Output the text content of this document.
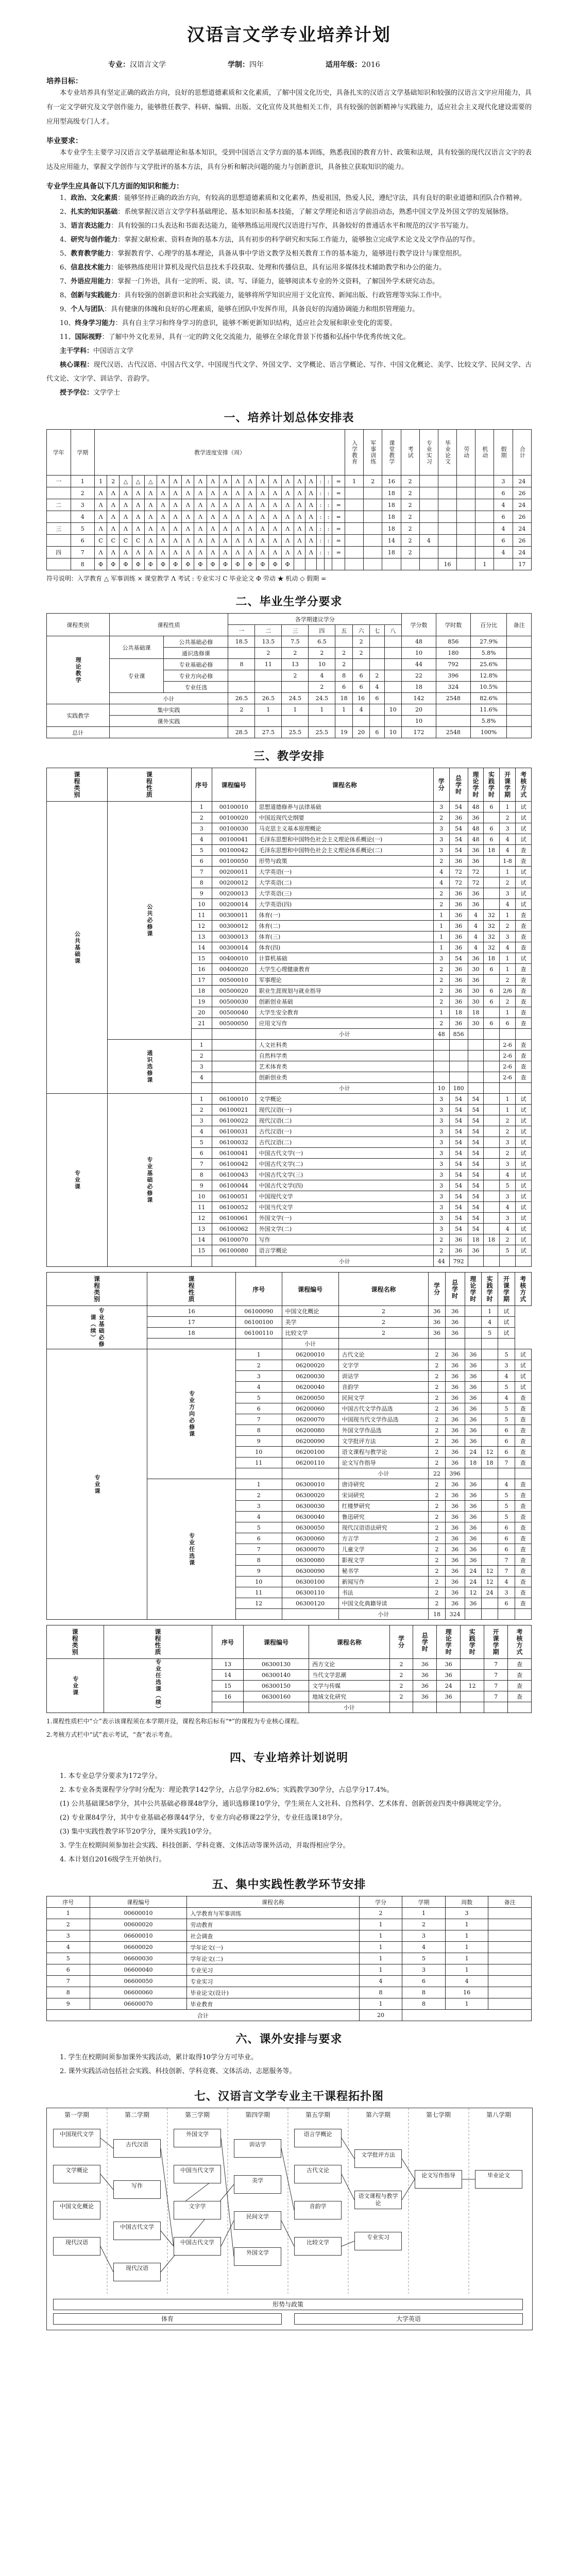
汉语言文学专业培养计划
专业：汉语言文学	学制：四年	适用年级：2016
培养目标：

本专业培养具有坚定正确的政治方向，良好的思想道德素质和文化素质，了解中国文化历史，具备扎实的汉语言文学基础知识和较强的汉语言文字应用能力，具有一定文学研究及文学创作能力，能够胜任教学、科研、编辑、出版、文化宣传及其他相关工作，具有较强的创新精神与实践能力，适应社会主义现代化建设需要的应用型高级专门人才。

毕业要求：

本专业学生主要学习汉语言文学基础理论和基本知识，受到中国语言文学方面的基本训练，熟悉我国的教育方针、政策和法规，具有较强的现代汉语言文字的表达及应用能力，掌握文学创作与文学批评的基本方法，具有分析和解决问题的能力与创新意识，具备独立获取知识的能力。

专业学生应具备以下几方面的知识和能力：

1、政治、文化素质：能够坚持正确的政治方向，有较高的思想道德素质和文化素养，热爱祖国，热爱人民，遵纪守法，具有良好的职业道德和团队合作精神。

2、扎实的知识基础：系统掌握汉语言文学学科基础理论、基本知识和基本技能，了解文学理论和语言学前沿动态，熟悉中国文学及外国文学的发展脉络。

3、语言表达能力：具有较强的口头表达和书面表达能力，能够熟练运用现代汉语进行写作，具备较好的普通话水平和规范的汉字书写能力。

4、研究与创作能力：掌握文献检索、资料查询的基本方法，具有初步的科学研究和实际工作能力，能够独立完成学术论文及文学作品的写作。

5、教育教学能力：掌握教育学、心理学的基本理论，具备从事中学语文教学及相关教育工作的基本能力，能够进行教学设计与课堂组织。

6、信息技术能力：能够熟练使用计算机及现代信息技术手段获取、处理和传播信息，具有运用多媒体技术辅助教学和办公的能力。

7、外语应用能力：掌握一门外语，具有一定的听、说、读、写、译能力，能够阅读本专业的外文资料，了解国外学术研究动态。

8、创新与实践能力：具有较强的创新意识和社会实践能力，能够将所学知识应用于文化宣传、新闻出版、行政管理等实际工作中。

9、个人与团队：具有健康的体魄和良好的心理素质，能够在团队中发挥作用，具备良好的沟通协调能力和组织管理能力。

10、终身学习能力：具有自主学习和终身学习的意识，能够不断更新知识结构，适应社会发展和职业变化的需要。

11、国际视野：了解中外文化差异，具有一定的跨文化交流能力，能够在全球化背景下传播和弘扬中华优秀传统文化。

主干学科：中国语言文学

核心课程：现代汉语、古代汉语、中国古代文学、中国现当代文学、外国文学、文学概论、语言学概论、写作、中国文化概论、美学、比较文学、民间文学、古代文论、文字学、训诂学、音韵学。

授予学位：文学学士

一、培养计划总体安排表
学年	学期	教学进度安排（周）																					入学教育	军事训练	课堂教学	考试	专业实习	毕业论文	劳动	机动	假期	合计
一	1	1	2	△	△	△	Λ	Λ	Λ	Λ	Λ	Λ	Λ	Λ	Λ	Λ	Λ	Λ	Λ	:	:	=	1	2	16	2					3	24
	2	Λ	Λ	Λ	Λ	Λ	Λ	Λ	Λ	Λ	Λ	Λ	Λ	Λ	Λ	Λ	Λ	Λ	Λ	:	:	=			18	2					6	26
二	3	Λ	Λ	Λ	Λ	Λ	Λ	Λ	Λ	Λ	Λ	Λ	Λ	Λ	Λ	Λ	Λ	Λ	Λ	:	:	=			18	2					4	24
	4	Λ	Λ	Λ	Λ	Λ	Λ	Λ	Λ	Λ	Λ	Λ	Λ	Λ	Λ	Λ	Λ	Λ	Λ	:	:	=			18	2					6	26
三	5	Λ	Λ	Λ	Λ	Λ	Λ	Λ	Λ	Λ	Λ	Λ	Λ	Λ	Λ	Λ	Λ	Λ	Λ	:	:	=			18	2					4	24
	6	C	C	C	C	Λ	Λ	Λ	Λ	Λ	Λ	Λ	Λ	Λ	Λ	Λ	Λ	Λ	Λ	:	:	=			14	2	4				6	26
四	7	Λ	Λ	Λ	Λ	Λ	Λ	Λ	Λ	Λ	Λ	Λ	Λ	Λ	Λ	Λ	Λ	Λ	Λ	:	:	=			18	2					4	24
	8	Φ	Φ	Φ	Φ	Φ	Φ	Φ	Φ	Φ	Φ	Φ	Φ	Φ	Φ	Φ	Φ											16		1		17
符号说明：入学教育 △ 军事训练 × 课堂教学 Λ 考试 : 专业实习 C 毕业论文 Φ 劳动 ★ 机动 ◇ 假期 =
二、毕业生学分要求
课程类别	课程性质		各学期建议学分								学分数	学时数	百分比	备注
			一	二	三	四	五	六	七	八				
理论教学	公共基础课	公共基础必修	18.5	13.5	7.5	6.5		2			48	856	27.9%	
		通识选修课		2	2	2	2	2			10	180	5.8%	
	专业课	专业基础必修	8	11	13	10	2				44	792	25.6%	
		专业方向必修			2	4	8	6	2		22	396	12.8%	
		专业任选				2	6	6	4		18	324	10.5%	
	小计		26.5	26.5	24.5	24.5	18	16	6		142	2548	82.6%	
实践教学	集中实践		2	1	1	1	1	4		10	20		11.6%	
	课外实践										10		5.8%	
总计			28.5	27.5	25.5	25.5	19	20	6	10	172	2548	100%	
三、教学安排
课程类别	课程性质	序号	课程编号	课程名称	学分	总学时	理论学时	实践学时	开课学期	考核方式
公共基础课	公共必修课	1	00100010	思想道德修养与法律基础	3	54	48	6	1	试
		2	00100020	中国近现代史纲要	2	36	36		2	试
		3	00100030	马克思主义基本原理概论	3	54	48	6	3	试
		4	00100041	毛泽东思想和中国特色社会主义理论体系概论(一)	3	54	48	6	4	试
		5	00100042	毛泽东思想和中国特色社会主义理论体系概论(二)	3	54	36	18	4	查
		6	00100050	形势与政策	2	36	36		1-8	查
		7	00200011	大学英语(一)	4	72	72		1	试
		8	00200012	大学英语(二)	4	72	72		2	试
		9	00200013	大学英语(三)	2	36	36		3	试
		10	00200014	大学英语(四)	2	36	36		4	试
		11	00300011	体育(一)	1	36	4	32	1	查
		12	00300012	体育(二)	1	36	4	32	2	查
		13	00300013	体育(三)	1	36	4	32	3	查
		14	00300014	体育(四)	1	36	4	32	4	查
		15	00400010	计算机基础	3	54	36	18	1	试
		16	00400020	大学生心理健康教育	2	36	30	6	1	查
		17	00500010	军事理论	2	36	36		2	查
		18	00500020	职业生涯规划与就业指导	2	36	30	6	2/6	查
		19	00500030	创新创业基础	2	36	30	6	2	查
		20	00500040	大学生安全教育	1	18	18		1	查
		21	00500050	应用文写作	2	36	30	6	6	查
				小计	48	856				
	通识选修课	1		人文社科类					2-6	查
		2		自然科学类					2-6	查
		3		艺术体育类					2-6	查
		4		创新创业类					2-6	查
				小计	10	180				
专业课	专业基础必修课	1	06100010	文学概论	3	54	54		1	试
		2	06100021	现代汉语(一)	3	54	54		1	试
		3	06100022	现代汉语(二)	3	54	54		2	试
		4	06100031	古代汉语(一)	3	54	54		2	试
		5	06100032	古代汉语(二)	3	54	54		3	试
		6	06100041	中国古代文学(一)	3	54	54		2	试
		7	06100042	中国古代文学(二)	3	54	54		3	试
		8	06100043	中国古代文学(三)	3	54	54		4	试
		9	06100044	中国古代文学(四)	3	54	54		5	试
		10	06100051	中国现代文学	3	54	54		3	试
		11	06100052	中国当代文学	3	54	54		4	试
		12	06100061	外国文学(一)	3	54	54		3	试
		13	06100062	外国文学(二)	3	54	54		4	试
		14	06100070	写作	2	36	18	18	2	试
		15	06100080	语言学概论	2	36	36		5	试
				小计	44	792				
课程类别	课程性质	序号	课程编号	课程名称	学分	总学时	理论学时	实践学时	开课学期	考核方式
专业基础必修课（续）	16	06100090	中国文化概论	2	36	36		1	试	
	17	06100100	美学	2	36	36		4	试	
	18	06100110	比较文学	2	36	36		5	试	
			小计							
专业课	专业方向必修课	1	06200010	古代文论	2	36	36		5	试
		2	06200020	文字学	2	36	36		3	试
		3	06200030	训诂学	2	36	36		4	试
		4	06200040	音韵学	2	36	36		5	试
		5	06200050	民间文学	2	36	36		4	查
		6	06200060	中国古代文学作品选	2	36	36		5	查
		7	06200070	中国现当代文学作品选	2	36	36		5	查
		8	06200080	外国文学作品选	2	36	36		6	查
		9	06200090	文学批评方法	2	36	36		6	查
		10	06200100	语文课程与教学论	2	36	24	12	6	查
		11	06200110	论文写作指导	2	36	18	18	7	查
				小计	22	396				
	专业任选课	1	06300010	唐诗研究	2	36	36		4	查
		2	06300020	宋词研究	2	36	36		5	查
		3	06300030	红楼梦研究	2	36	36		5	查
		4	06300040	鲁迅研究	2	36	36		5	查
		5	06300050	现代汉语语法研究	2	36	36		6	查
		6	06300060	方言学	2	36	36		6	查
		7	06300070	儿童文学	2	36	36		6	查
		8	06300080	影视文学	2	36	36		7	查
		9	06300090	秘书学	2	36	24	12	7	查
		10	06300100	新闻写作	2	36	24	12	4	查
		11	06300110	书法	2	36	12	24	3	查
		12	06300120	中国文化典籍导读	2	36	36		6	查
				小计	18	324				
课程类别	课程性质	序号	课程编号	课程名称	学分	总学时	理论学时	实践学时	开课学期	考核方式
专业课	专业任选课（续）	13	06300130	西方文论	2	36	36		7	查
		14	06300140	当代文学思潮	2	36	36		7	查
		15	06300150	文学与传媒	2	36	24	12	7	查
		16	06300160	地域文化研究	2	36	36		7	查
				小计						
1.课程性质栏中“☆”表示该课程须在本学期开设，课程名称后标有“*”的课程为专业核心课程。
2.考核方式栏中“试”表示考试，“查”表示考查。
四、专业培养计划说明

1. 本专业总学分要求为172学分。

2. 本专业各类课程学分学时分配为：理论教学142学分，占总学分82.6%；实践教学30学分，占总学分17.4%。

(1) 公共基础课58学分，其中公共基础必修课48学分，通识选修课10学分，学生须在人文社科、自然科学、艺术体育、创新创业四类中修满规定学分。

(2) 专业课84学分，其中专业基础必修课44学分，专业方向必修课22学分，专业任选课18学分。

(3) 集中实践性教学环节20学分，课外实践10学分。

3. 学生在校期间须参加社会实践、科技创新、学科竞赛、文体活动等课外活动，并取得相应学分。

4. 本计划自2016级学生开始执行。

五、集中实践性教学环节安排
序号	课程编号	课程名称	学分	学期	周数	备注
1	00600010	入学教育与军事训练	2	1	3	
2	00600020	劳动教育	1	2	1	
3	06600010	社会调查	1	3	1	
4	06600020	学年论文(一)	1	4	1	
5	06600030	学年论文(二)	1	5	1	
6	06600040	专业见习	1	3	1	
7	06600050	专业实习	4	6	4	
8	06600060	毕业论文(设计)	8	8	16	
9	06600070	毕业教育	1	8	1	
合计			20			
六、课外安排与要求

1. 学生在校期间须参加课外实践活动，累计取得10学分方可毕业。

2. 课外实践活动包括社会实践、科技创新、学科竞赛、文体活动、志愿服务等。

七、汉语言文学专业主干课程拓扑图
第一学期	第二学期	第三学期	第四学期	第五学期	第六学期	第七学期	第八学期
中国现代文学
文学概论
中国文化概论
现代汉语
古代汉语
写作
中国古代文学
现代汉语
外国文学
中国当代文学
文字学
中国古代文学
训诂学
美学
民间文学
外国文学
语言学概论
古代文论
音韵学
比较文学
文学批评方法
语文课程与教学论
专业实习
论文写作指导	毕业论文
形势与政策
体育	大学英语
